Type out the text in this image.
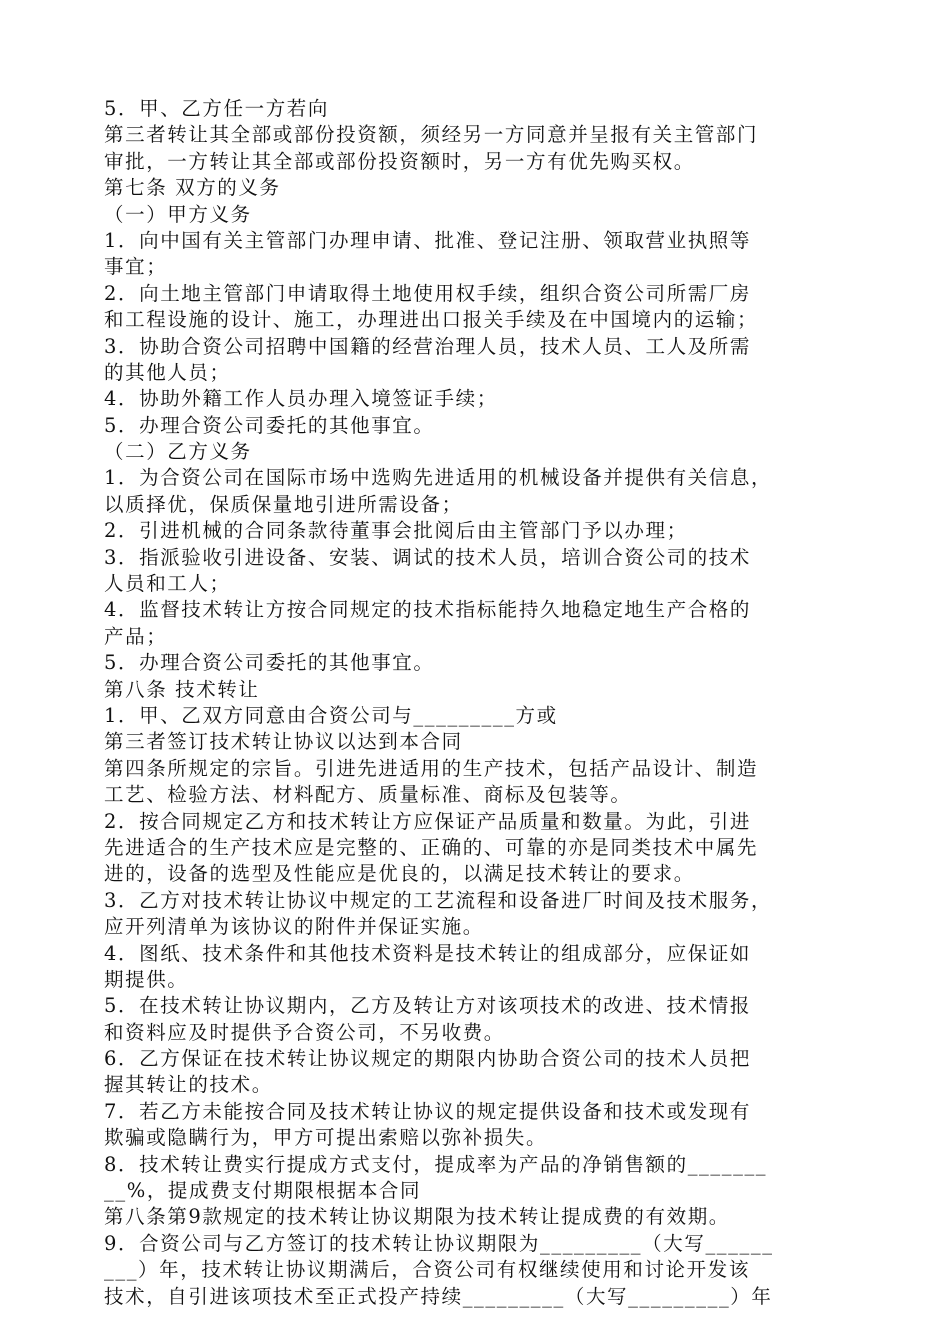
5．甲、乙方任一方若向
第三者转让其全部或部份投资额，须经另一方同意并呈报有关主管部门
审批，一方转让其全部或部份投资额时，另一方有优先购买权。
第七条 双方的义务
（一）甲方义务
1．向中国有关主管部门办理申请、批准、登记注册、领取营业执照等
事宜；
2．向土地主管部门申请取得土地使用权手续，组织合资公司所需厂房
和工程设施的设计、施工，办理进出口报关手续及在中国境内的运输；
3．协助合资公司招聘中国籍的经营治理人员，技术人员、工人及所需
的其他人员；
4．协助外籍工作人员办理入境签证手续；
5．办理合资公司委托的其他事宜。
（二）乙方义务
1．为合资公司在国际市场中选购先进适用的机械设备并提供有关信息，
以质择优，保质保量地引进所需设备；
2．引进机械的合同条款待董事会批阅后由主管部门予以办理；
3．指派验收引进设备、安装、调试的技术人员，培训合资公司的技术
人员和工人；
4．监督技术转让方按合同规定的技术指标能持久地稳定地生产合格的
产品；
5．办理合资公司委托的其他事宜。
第八条 技术转让
1．甲、乙双方同意由合资公司与_________方或
第三者签订技术转让协议以达到本合同
第四条所规定的宗旨。引进先进适用的生产技术，包括产品设计、制造
工艺、检验方法、材料配方、质量标准、商标及包装等。
2．按合同规定乙方和技术转让方应保证产品质量和数量。为此，引进
先进适合的生产技术应是完整的、正确的、可靠的亦是同类技术中属先
进的，设备的选型及性能应是优良的，以满足技术转让的要求。
3．乙方对技术转让协议中规定的工艺流程和设备进厂时间及技术服务，
应开列清单为该协议的附件并保证实施。
4．图纸、技术条件和其他技术资料是技术转让的组成部分，应保证如
期提供。
5．在技术转让协议期内，乙方及转让方对该项技术的改进、技术情报
和资料应及时提供予合资公司，不另收费。
6．乙方保证在技术转让协议规定的期限内协助合资公司的技术人员把
握其转让的技术。
7．若乙方未能按合同及技术转让协议的规定提供设备和技术或发现有
欺骗或隐瞒行为，甲方可提出索赔以弥补损失。
8．技术转让费实行提成方式支付，提成率为产品的净销售额的_______
__%，提成费支付期限根据本合同
第八条第9款规定的技术转让协议期限为技术转让提成费的有效期。
9．合资公司与乙方签订的技术转让协议期限为_________（大写______
___）年，技术转让协议期满后，合资公司有权继续使用和讨论开发该
技术，自引进该项技术至正式投产持续_________（大写_________）年
